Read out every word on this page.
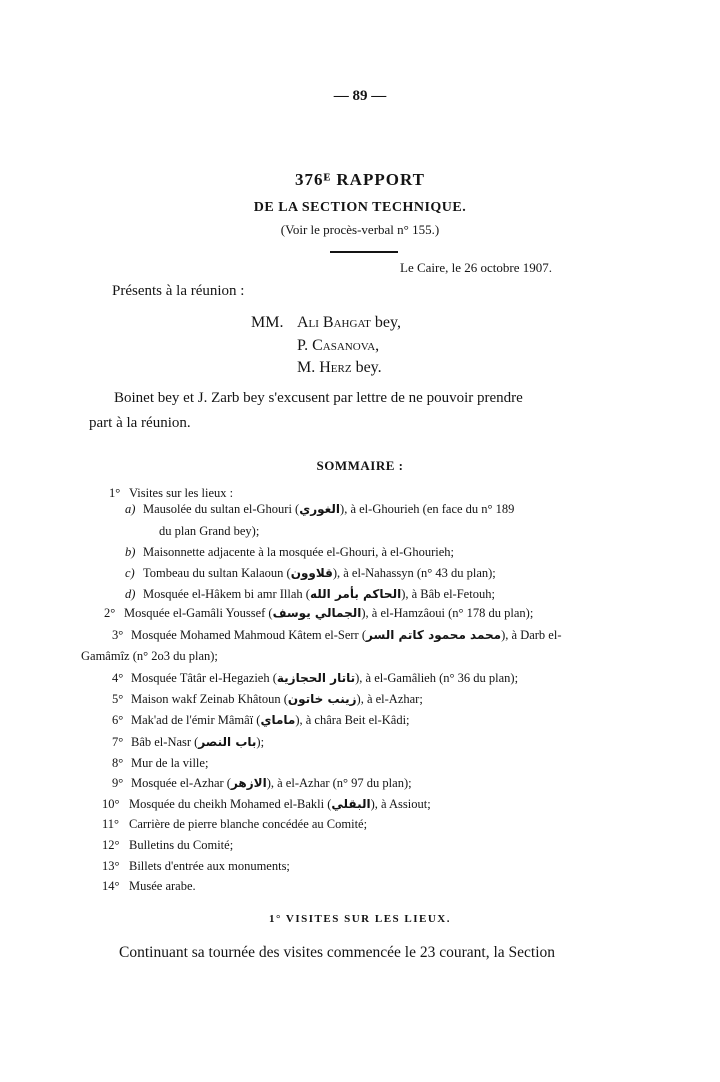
— 89 —
376ᴱ RAPPORT
DE LA SECTION TECHNIQUE.
(Voir le procès-verbal n° 155.)
Le Caire, le 26 octobre 1907.
Présents à la réunion :
MM. Ali Bahgat bey,
P. Casanova,
M. Herz bey.
Boinet bey et J. Zarb bey s'excusent par lettre de ne pouvoir prendre
part à la réunion.
SOMMAIRE :
1° Visites sur les lieux :
a) Mausolée du sultan el-Ghouri (الغوري), à el-Ghourieh (en face du n° 189
du plan Grand bey);
b) Maisonnette adjacente à la mosquée el-Ghouri, à el-Ghourieh;
c) Tombeau du sultan Kalaoun (قلاوون), à el-Nahassyn (n° 43 du plan);
d) Mosquée el-Hâkem bi amr Illah (الحاكم بأمر الله), à Bâb el-Fetouh;
2° Mosquée el-Gamâli Youssef (الجمالي يوسف), à el-Hamzâoui (n° 178 du plan);
3° Mosquée Mohamed Mahmoud Kâtem el-Serr (محمد محمود كاتم السر), à Darb el-
Gamâmîz (n° 2o3 du plan);
4° Mosquée Tâtâr el-Hegazieh (تاتار الحجازية), à el-Gamâlieh (n° 36 du plan);
5° Maison wakf Zeinab Khâtoun (زينب خاتون), à el-Azhar;
6° Mak'ad de l'émir Mâmâï (ماماي), à châra Beit el-Kâdi;
7° Bâb el-Nasr (باب النصر);
8° Mur de la ville;
9° Mosquée el-Azhar (الازهر), à el-Azhar (n° 97 du plan);
10° Mosquée du cheikh Mohamed el-Bakli (البقلي), à Assiout;
11° Carrière de pierre blanche concédée au Comité;
12° Bulletins du Comité;
13° Billets d'entrée aux monuments;
14° Musée arabe.
1° VISITES SUR LES LIEUX.
Continuant sa tournée des visites commencée le 23 courant, la Section
